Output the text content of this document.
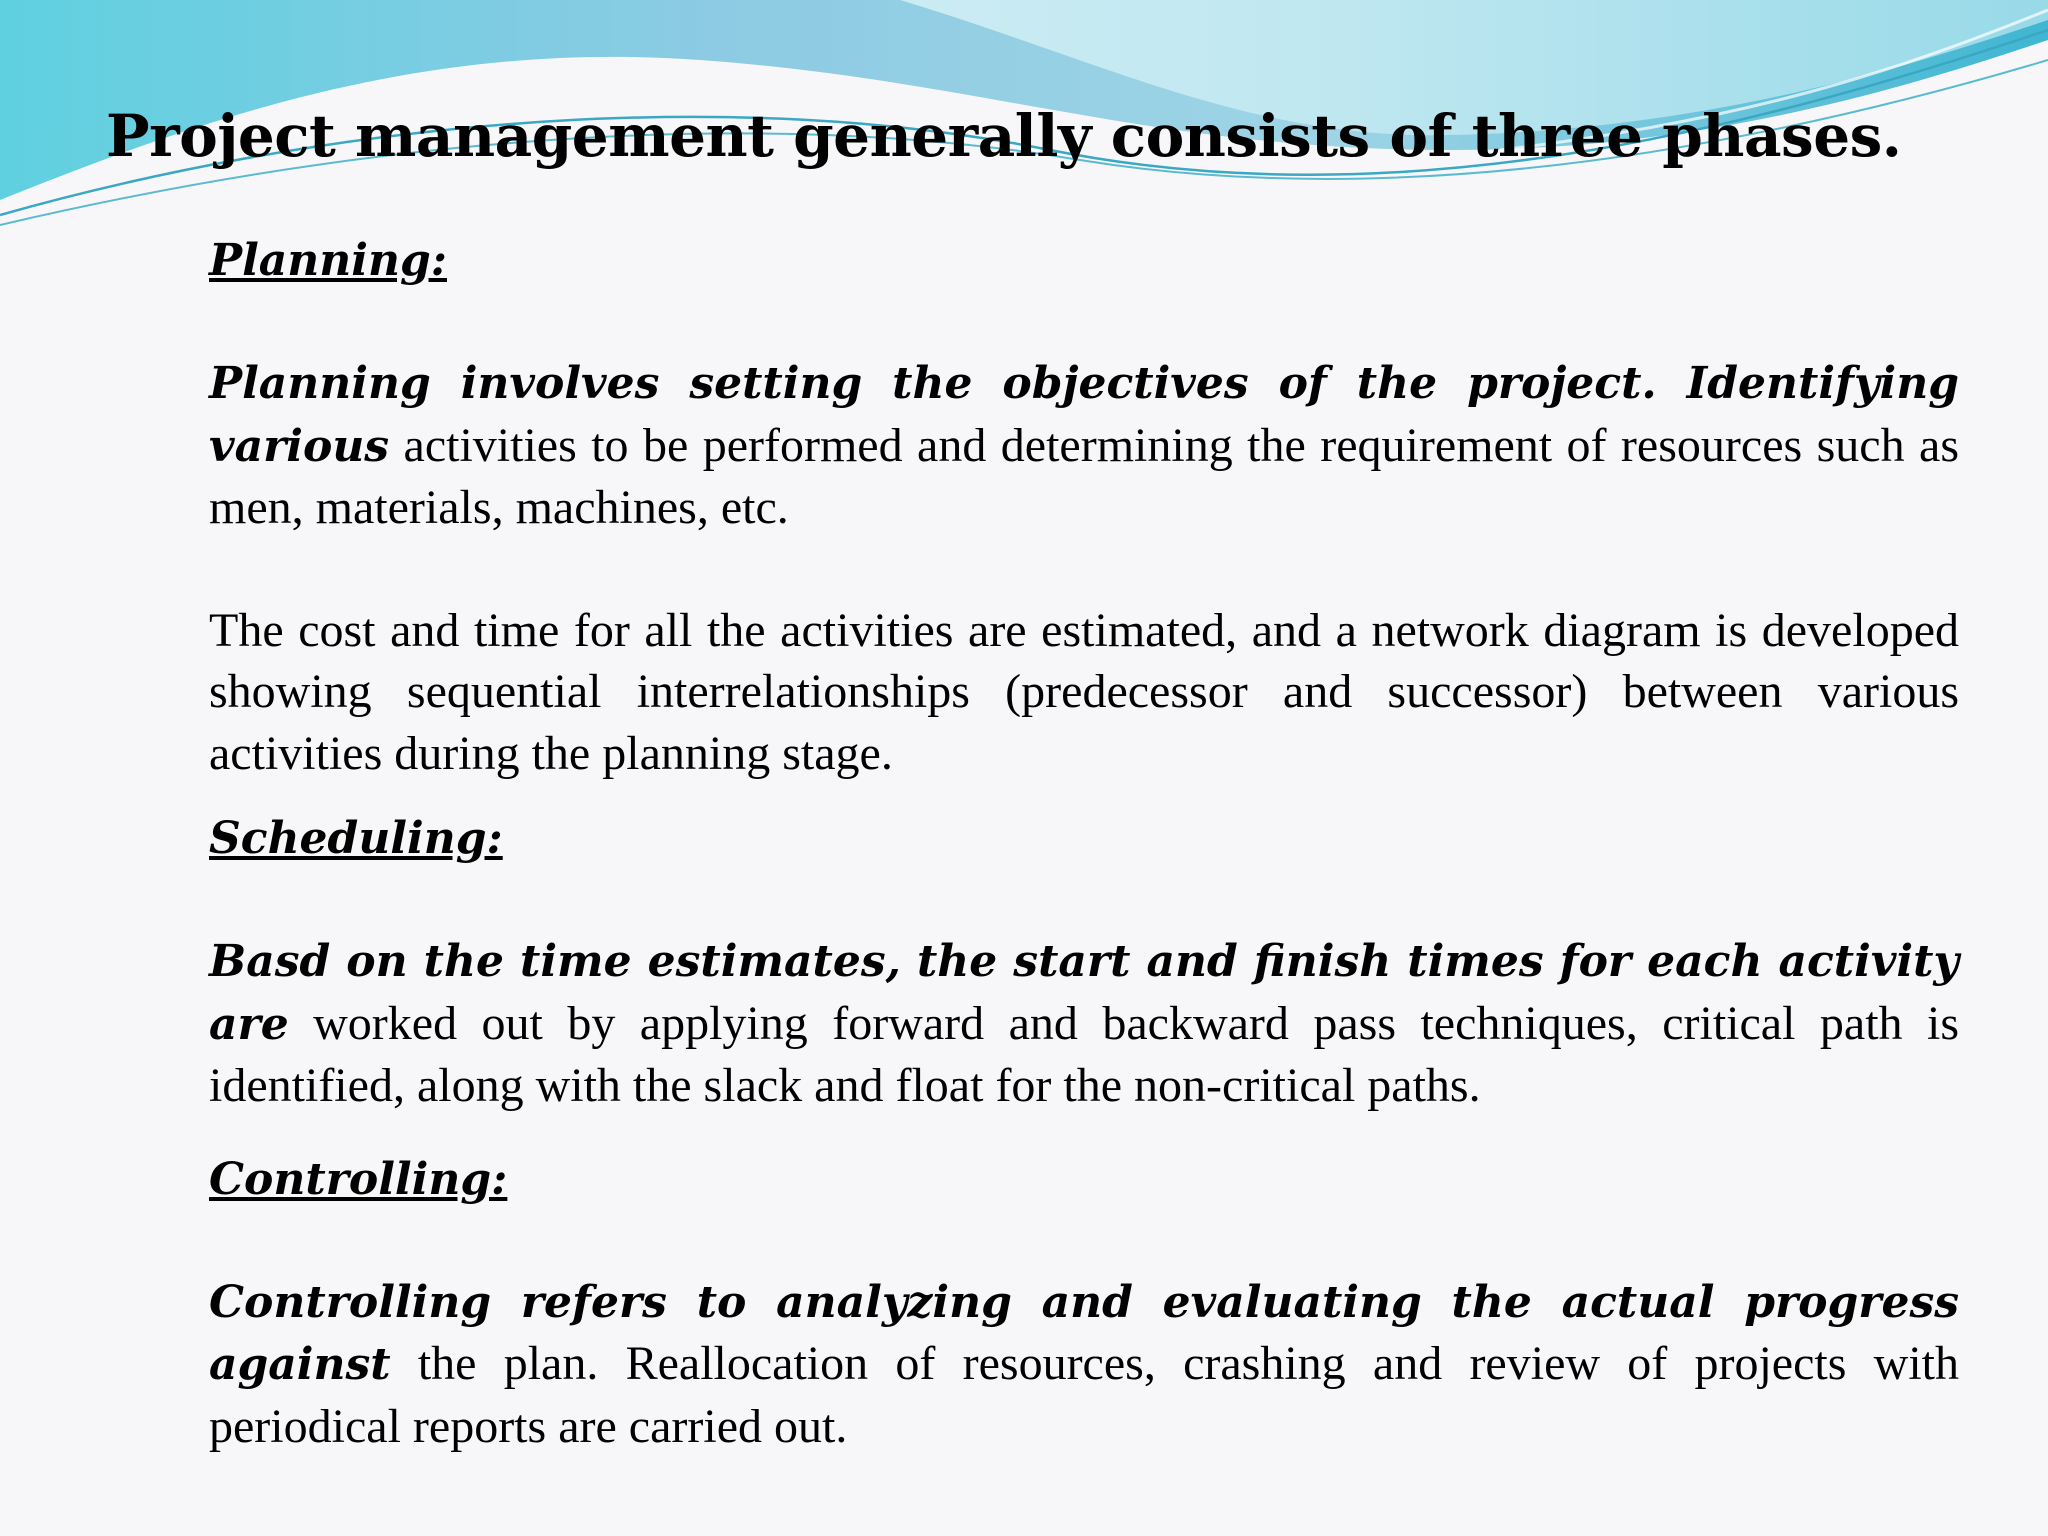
Project management generally consists of three phases.

Planning:

Planning involves setting the objectives of the project. Identifying various activities to be performed and determining the requirement of resources such as men, materials, machines, etc.

The cost and time for all the activities are estimated, and a network diagram is developed showing sequential interrelationships (predecessor and successor) between various activities during the planning stage.

Scheduling:

Basd on the time estimates, the start and finish times for each activity are worked out by applying forward and backward pass techniques, critical path is identified, along with the slack and float for the non-critical paths.

Controlling:

Controlling refers to analyzing and evaluating the actual progress against the plan. Reallocation of resources, crashing and review of projects with periodical reports are carried out.
